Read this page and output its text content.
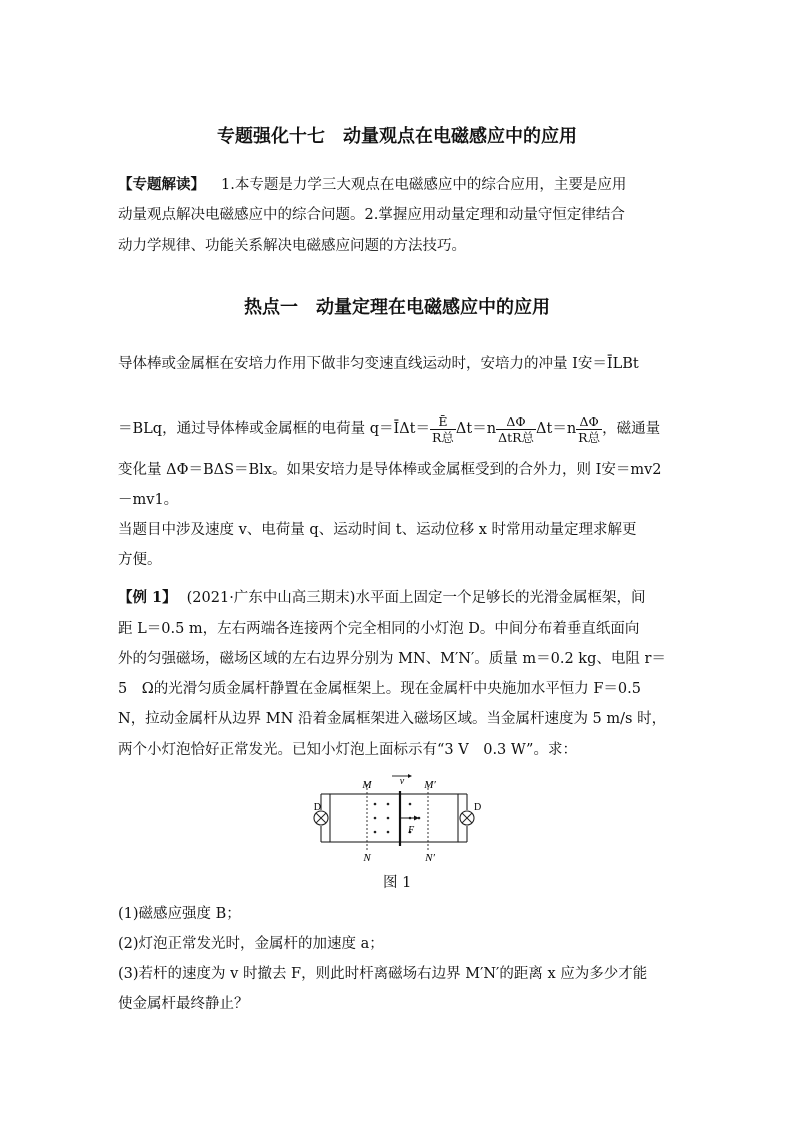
专题强化十七　动量观点在电磁感应中的应用
【专题解读】 1.本专题是力学三大观点在电磁感应中的综合应用，主要是应用
动量观点解决电磁感应中的综合问题。2.掌握应用动量定理和动量守恒定律结合
动力学规律、功能关系解决电磁感应问题的方法技巧。
热点一　动量定理在电磁感应中的应用
导体棒或金属框在安培力作用下做非匀变速直线运动时，安培力的冲量 I安＝ĪLBt
＝BLq，通过导体棒或金属框的电荷量 q＝ĪΔt＝ $\frac{Ē}{\text{R总}} \Delta t=n \frac{\Delta\Phi}{\text{ΔtR总}} \Delta t=n \frac{\Delta\Phi}{\text{R总}}$ ，磁通量
变化量 ΔΦ＝BΔS＝Blx。如果安培力是导体棒或金属框受到的合外力，则 I安＝mv2
－mv1。
当题目中涉及速度 v、电荷量 q、运动时间 t、运动位移 x 时常用动量定理求解更
方便。
【例 1】 (2021·广东中山高三期末)水平面上固定一个足够长的光滑金属框架，间
距 L＝0.5 m，左右两端各连接两个完全相同的小灯泡 D。中间分布着垂直纸面向
外的匀强磁场，磁场区域的左右边界分别为 MN、M′N′。质量 m＝0.2 kg、电阻 r＝
5　Ω的光滑匀质金属杆静置在金属框架上。现在金属杆中央施加水平恒力 F＝0.5
N，拉动金属杆从边界 MN 沿着金属框架进入磁场区域。当金属杆速度为 5 m/s 时，
两个小灯泡恰好正常发光。已知小灯泡上面标示有“3 V　0.3 W”。求：
M	M′
N	N′
D	D
v
F
图 1
(1)磁感应强度 B；
(2)灯泡正常发光时，金属杆的加速度 a；
(3)若杆的速度为 v 时撤去 F，则此时杆离磁场右边界 M′N′的距离 x 应为多少才能
使金属杆最终静止？
